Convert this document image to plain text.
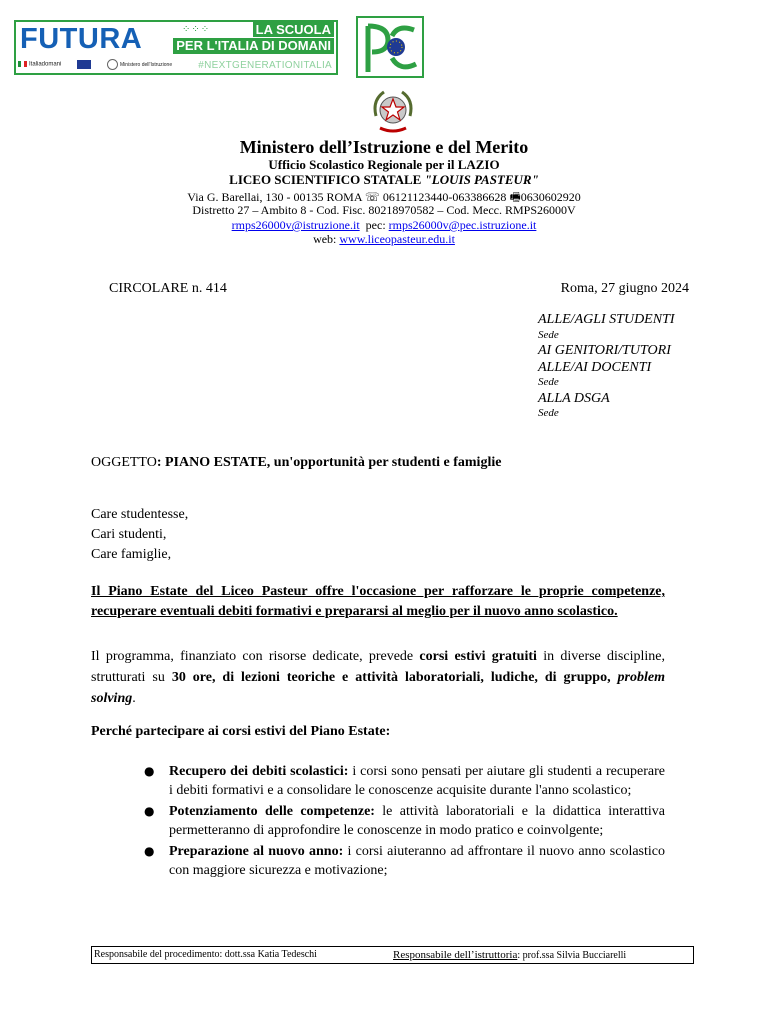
FUTURA	⁘⁘⁘	LA SCUOLA
PER L'ITALIA DI DOMANI
Italiadomani	Ministero dell'Istruzione	#NEXTGENERATIONITALIA
Ministero dell’Istruzione e del Merito
Ufficio Scolastico Regionale per il LAZIO
LICEO SCIENTIFICO STATALE "LOUIS PASTEUR"
Via G. Barellai, 130 - 00135 ROMA ☏ 06121123440-063386628 🖷0630602920
Distretto 27 – Ambito 8 - Cod. Fisc. 80218970582 – Cod. Mecc. RMPS26000V
rmps26000v@istruzione.it pec: rmps26000v@pec.istruzione.it
web: www.liceopasteur.edu.it
CIRCOLARE n. 414	Roma, 27 giugno 2024
ALLE/AGLI STUDENTI
Sede
AI GENITORI/TUTORI
ALLE/AI DOCENTI
Sede
ALLA DSGA
Sede
OGGETTO: PIANO ESTATE, un'opportunità per studenti e famiglie
Care studentesse,
Cari studenti,
Care famiglie,
Il Piano Estate del Liceo Pasteur offre l'occasione per rafforzare le proprie competenze, recuperare eventuali debiti formativi e prepararsi al meglio per il nuovo anno scolastico.
Il programma, finanziato con risorse dedicate, prevede corsi estivi gratuiti in diverse discipline, strutturati su 30 ore, di lezioni teoriche e attività laboratoriali, ludiche, di gruppo, problem solving.
Perché partecipare ai corsi estivi del Piano Estate:
● Recupero dei debiti scolastici: i corsi sono pensati per aiutare gli studenti a recuperare i debiti formativi e a consolidare le conoscenze acquisite durante l'anno scolastico;
● Potenziamento delle competenze: le attività laboratoriali e la didattica interattiva permetteranno di approfondire le conoscenze in modo pratico e coinvolgente;
● Preparazione al nuovo anno: i corsi aiuteranno ad affrontare il nuovo anno scolastico con maggiore sicurezza e motivazione;
Responsabile del procedimento: dott.ssa Katia Tedeschi	Responsabile dell’istruttoria: prof.ssa Silvia Bucciarelli
